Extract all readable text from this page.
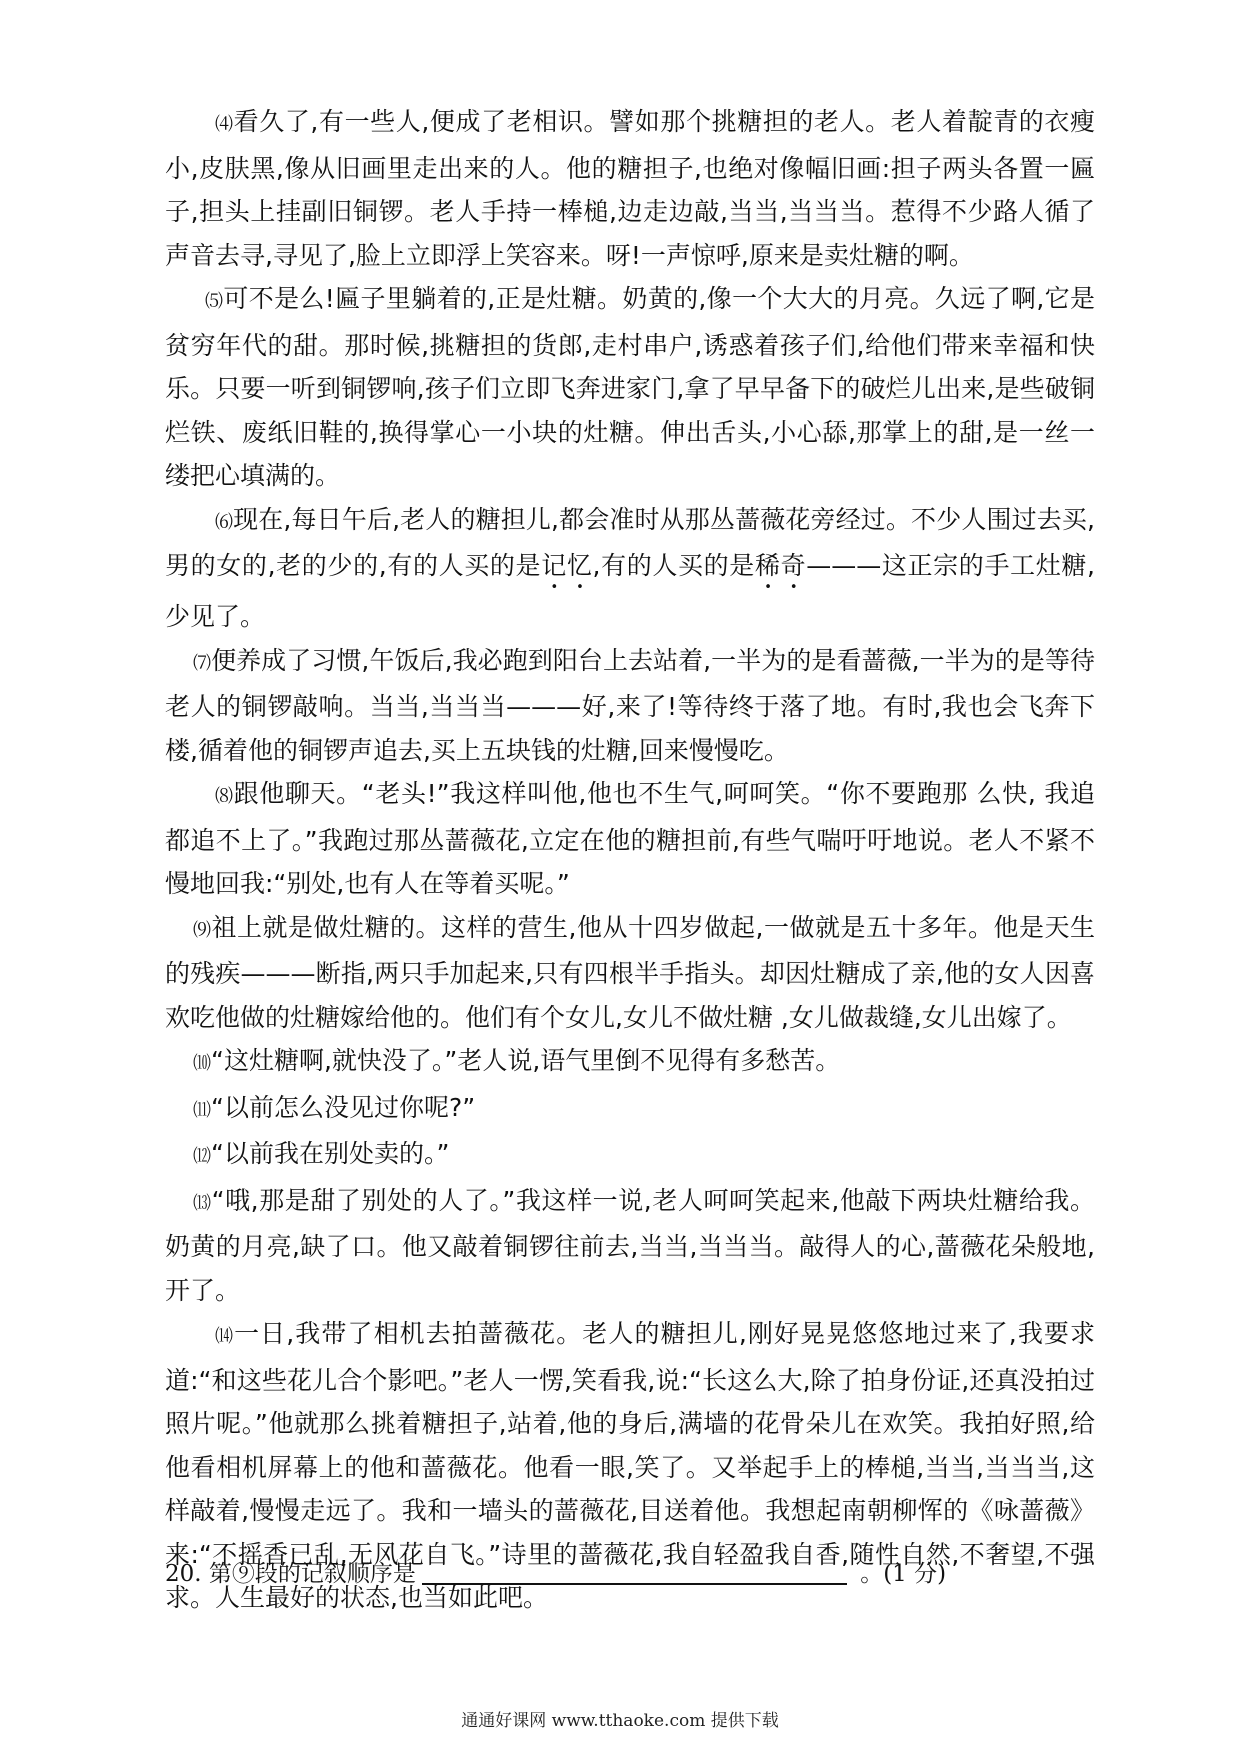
⑷看久了,有一些人,便成了老相识。譬如那个挑糖担的老人。老人着靛青的衣瘦小,皮肤黑,像从旧画里走出来的人。他的糖担子,也绝对像幅旧画:担子两头各置一匾子,担头上挂副旧铜锣。老人手持一棒槌,边走边敲,当当,当当当。惹得不少路人循了声音去寻,寻见了,脸上立即浮上笑容来。呀!一声惊呼,原来是卖灶糖的啊。

⑸可不是么!匾子里躺着的,正是灶糖。奶黄的,像一个大大的月亮。久远了啊,它是贫穷年代的甜。那时候,挑糖担的货郎,走村串户,诱惑着孩子们,给他们带来幸福和快乐。只要一听到铜锣响,孩子们立即飞奔进家门,拿了早早备下的破烂儿出来,是些破铜烂铁、废纸旧鞋的,换得掌心一小块的灶糖。伸出舌头,小心舔,那掌上的甜,是一丝一缕把心填满的。

⑹现在,每日午后,老人的糖担儿,都会准时从那丛蔷薇花旁经过。不少人围过去买,男的女的,老的少的,有的人买的是记忆,有的人买的是稀奇———这正宗的手工灶糖,少见了。

⑺便养成了习惯,午饭后,我必跑到阳台上去站着,一半为的是看蔷薇,一半为的是等待老人的铜锣敲响。当当,当当当———好,来了!等待终于落了地。有时,我也会飞奔下楼,循着他的铜锣声追去,买上五块钱的灶糖,回来慢慢吃。

⑻跟他聊天。“老头!”我这样叫他,他也不生气,呵呵笑。“你不要跑那 么快, 我追都追不上了。”我跑过那丛蔷薇花,立定在他的糖担前,有些气喘吁吁地说。老人不紧不慢地回我:“别处,也有人在等着买呢。”

⑼祖上就是做灶糖的。这样的营生,他从十四岁做起,一做就是五十多年。他是天生的残疾———断指,两只手加起来,只有四根半手指头。却因灶糖成了亲,他的女人因喜欢吃他做的灶糖嫁给他的。他们有个女儿,女儿不做灶糖 ,女儿做裁缝,女儿出嫁了。

⑽“这灶糖啊,就快没了。”老人说,语气里倒不见得有多愁苦。

⑾“以前怎么没见过你呢?”

⑿“以前我在别处卖的。”

⒀“哦,那是甜了别处的人了。”我这样一说,老人呵呵笑起来,他敲下两块灶糖给我。奶黄的月亮,缺了口。他又敲着铜锣往前去,当当,当当当。敲得人的心,蔷薇花朵般地,开了。

⒁一日,我带了相机去拍蔷薇花。老人的糖担儿,刚好晃晃悠悠地过来了,我要求道:“和这些花儿合个影吧。”老人一愣,笑看我,说:“长这么大,除了拍身份证,还真没拍过照片呢。”他就那么挑着糖担子,站着,他的身后,满墙的花骨朵儿在欢笑。我拍好照,给他看相机屏幕上的他和蔷薇花。他看一眼,笑了。又举起手上的棒槌,当当,当当当,这样敲着,慢慢走远了。我和一墙头的蔷薇花,目送着他。我想起南朝柳恽的《咏蔷薇》来:“不摇香已乱,无风花自飞。”诗里的蔷薇花,我自轻盈我自香,随性自然,不奢望,不强求。人生最好的状态,也当如此吧。

20. 第⑨段的记叙顺序是	。(1 分)
通通好课网 www.tthaoke.com 提供下载
